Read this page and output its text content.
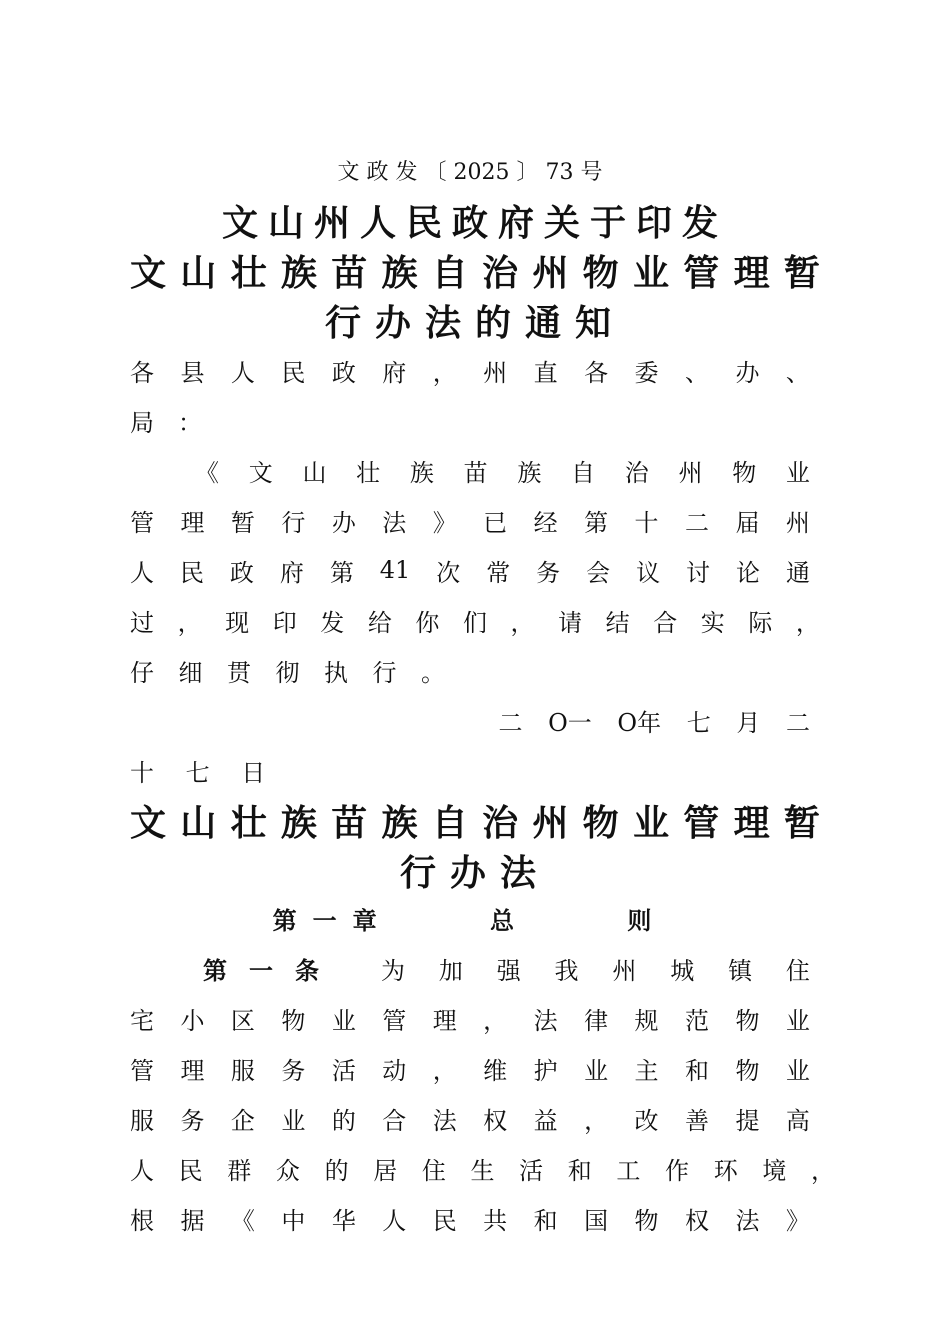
文 政 发 〔 2025 〕 73 号
文山州人民政府关于印发
文 山 壮 族 苗 族 自 治 州 物 业 管 理 暂
行办法的通知
各 县 人 民 政 府 ， 州 直 各 委 、 办 、
局：
《 文 山 壮 族 苗 族 自 治 州 物 业
管 理 暂 行 办 法 》 已 经 第 十 二 届 州
人 民 政 府 第 41 次 常 务 会 议 讨 论 通
过 ， 现 印 发 给 你 们 ， 请 结 合 实 际 ，
仔 细 贯 彻 执 行 。
二 O一 O年 七 月 二
十 七 日
文 山 壮 族 苗 族 自 治 州 物 业 管 理 暂
行办法
第一章    总    则
第一条 为 加 强 我 州 城 镇 住
宅 小 区 物 业 管 理 ， 法 律 规 范 物 业
管 理 服 务 活 动 ， 维 护 业 主 和 物 业
服 务 企 业 的 合 法 权 益 ， 改 善 提 高
人 民 群 众 的 居 住 生 活 和 工 作 环 境 ，
根 据 《 中 华 人 民 共 和 国 物 权 法 》
